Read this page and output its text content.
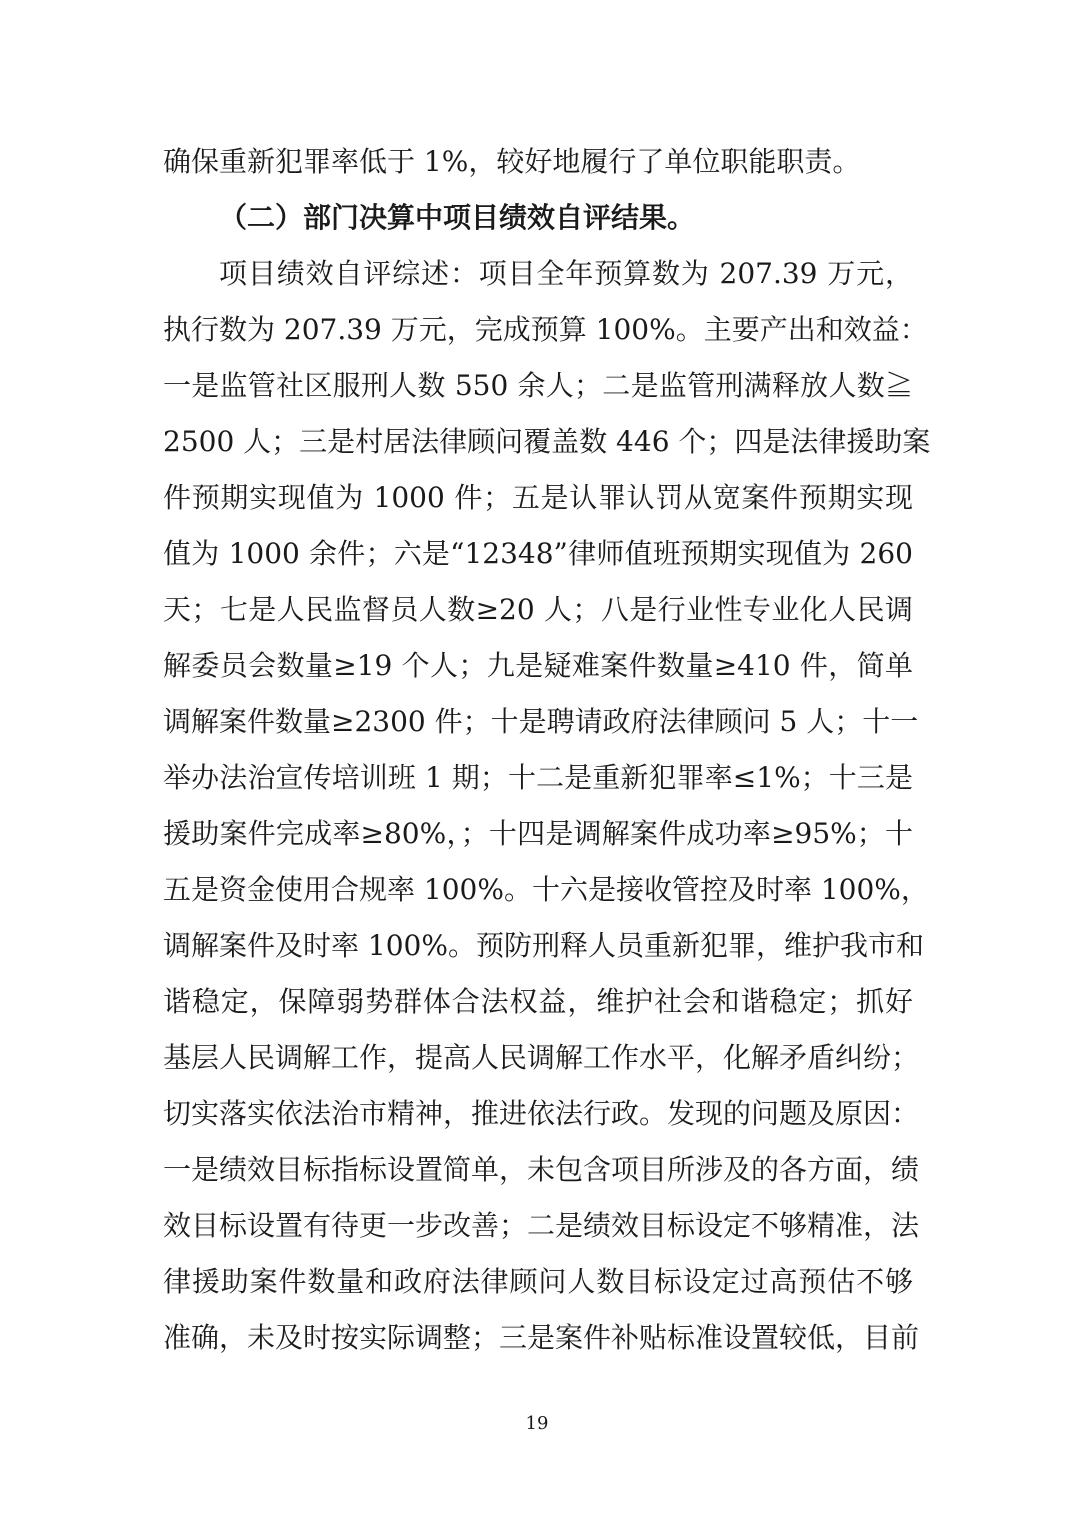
确保重新犯罪率低于 1%，较好地履行了单位职能职责。
（二）部门决算中项目绩效自评结果。
项目绩效自评综述：项目全年预算数为 207.39 万元，
执行数为 207.39 万元，完成预算 100%。主要产出和效益：
一是监管社区服刑人数 550 余人；二是监管刑满释放人数≧
2500 人；三是村居法律顾问覆盖数 446 个；四是法律援助案
件预期实现值为 1000 件；五是认罪认罚从宽案件预期实现
值为 1000 余件；六是“12348”律师值班预期实现值为 260
天；七是人民监督员人数≥20 人；八是行业性专业化人民调
解委员会数量≥19 个人；九是疑难案件数量≥410 件，简单
调解案件数量≥2300 件；十是聘请政府法律顾问 5 人；十一
举办法治宣传培训班 1 期；十二是重新犯罪率≤1%；十三是
援助案件完成率≥80%，；十四是调解案件成功率≥95%；十
五是资金使用合规率 100%。十六是接收管控及时率 100%，
调解案件及时率 100%。预防刑释人员重新犯罪，维护我市和
谐稳定，保障弱势群体合法权益，维护社会和谐稳定；抓好
基层人民调解工作，提高人民调解工作水平，化解矛盾纠纷；
切实落实依法治市精神，推进依法行政。发现的问题及原因：
一是绩效目标指标设置简单，未包含项目所涉及的各方面，绩
效目标设置有待更一步改善；二是绩效目标设定不够精准，法
律援助案件数量和政府法律顾问人数目标设定过高预估不够
准确，未及时按实际调整；三是案件补贴标准设置较低，目前
19
